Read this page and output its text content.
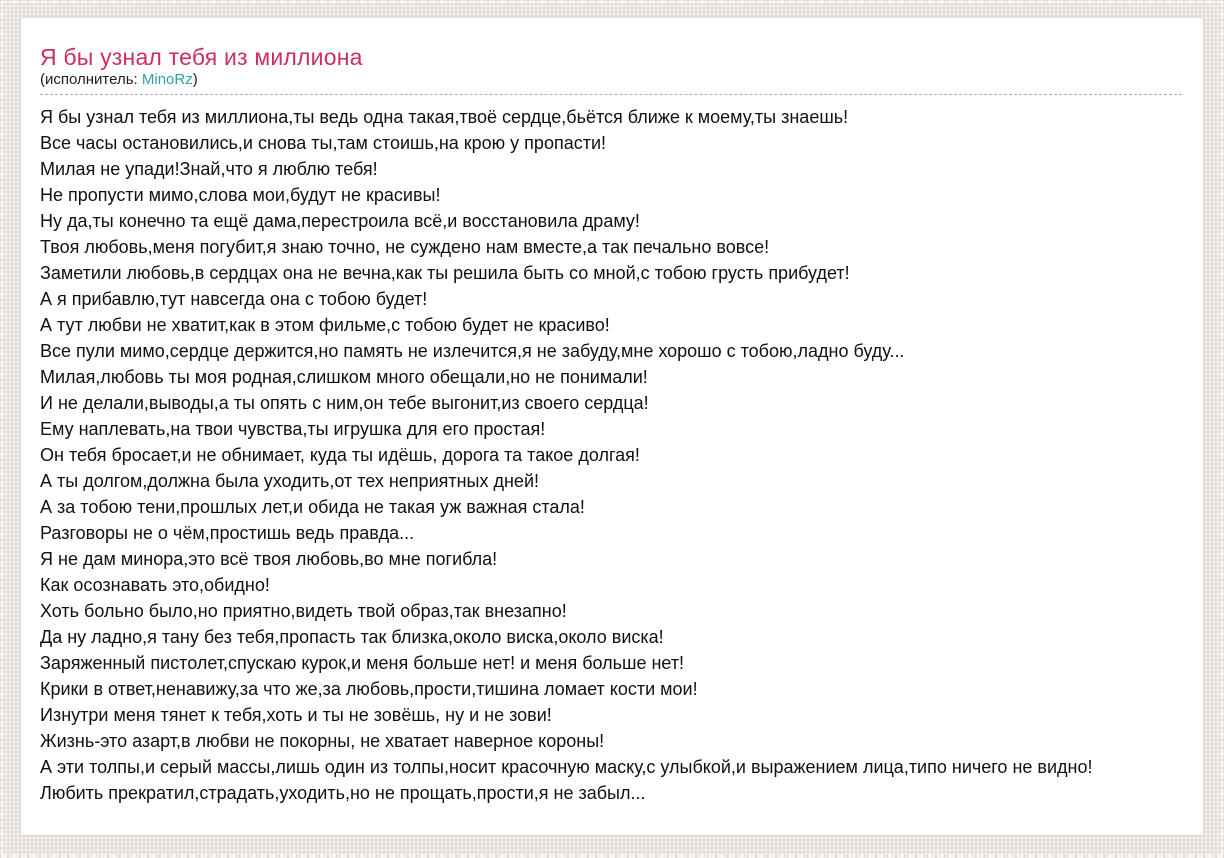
Я бы узнал тебя из миллиона
(исполнитель: MinoRz)
Я бы узнал тебя из миллиона,ты ведь одна такая,твоё сердце,бьётся ближе к моему,ты знаешь!
Все часы остановились,и снова ты,там стоишь,на крою у пропасти!
Милая не упади!Знай,что я люблю тебя!
Не пропусти мимо,слова мои,будут не красивы!
Ну да,ты конечно та ещё дама,перестроила всё,и восстановила драму!
Твоя любовь,меня погубит,я знаю точно, не суждено нам вместе,а так печально вовсе!
Заметили любовь,в сердцах она не вечна,как ты решила быть со мной,с тобою грусть прибудет!
А я прибавлю,тут навсегда она с тобою будет!
А тут любви не хватит,как в этом фильме,с тобою будет не красиво!
Все пули мимо,сердце держится,но память не излечится,я не забуду,мне хорошо с тобою,ладно буду...
Милая,любовь ты моя родная,слишком много обещали,но не понимали!
И не делали,выводы,а ты опять с ним,он тебе выгонит,из своего сердца!
Ему наплевать,на твои чувства,ты игрушка для его простая!
Он тебя бросает,и не обнимает, куда ты идёшь, дорога та такое долгая!
А ты долгом,должна была уходить,от тех неприятных дней!
А за тобою тени,прошлых лет,и обида не такая уж важная стала!
Разговоры не о чём,простишь ведь правда...
Я не дам минора,это всё твоя любовь,во мне погибла!
Как осознавать это,обидно!
Хоть больно было,но приятно,видеть твой образ,так внезапно!
Да ну ладно,я тану без тебя,пропасть так близка,около виска,около виска!
Заряженный пистолет,спускаю курок,и меня больше нет! и меня больше нет!
Крики в ответ,ненавижу,за что же,за любовь,прости,тишина ломает кости мои!
Изнутри меня тянет к тебя,хоть и ты не зовёшь, ну и не зови!
Жизнь-это азарт,в любви не покорны, не хватает наверное короны!
А эти толпы,и серый массы,лишь один из толпы,носит красочную маску,с улыбкой,и выражением лица,типо ничего не видно!
Любить прекратил,страдать,уходить,но не прощать,прости,я не забыл...
